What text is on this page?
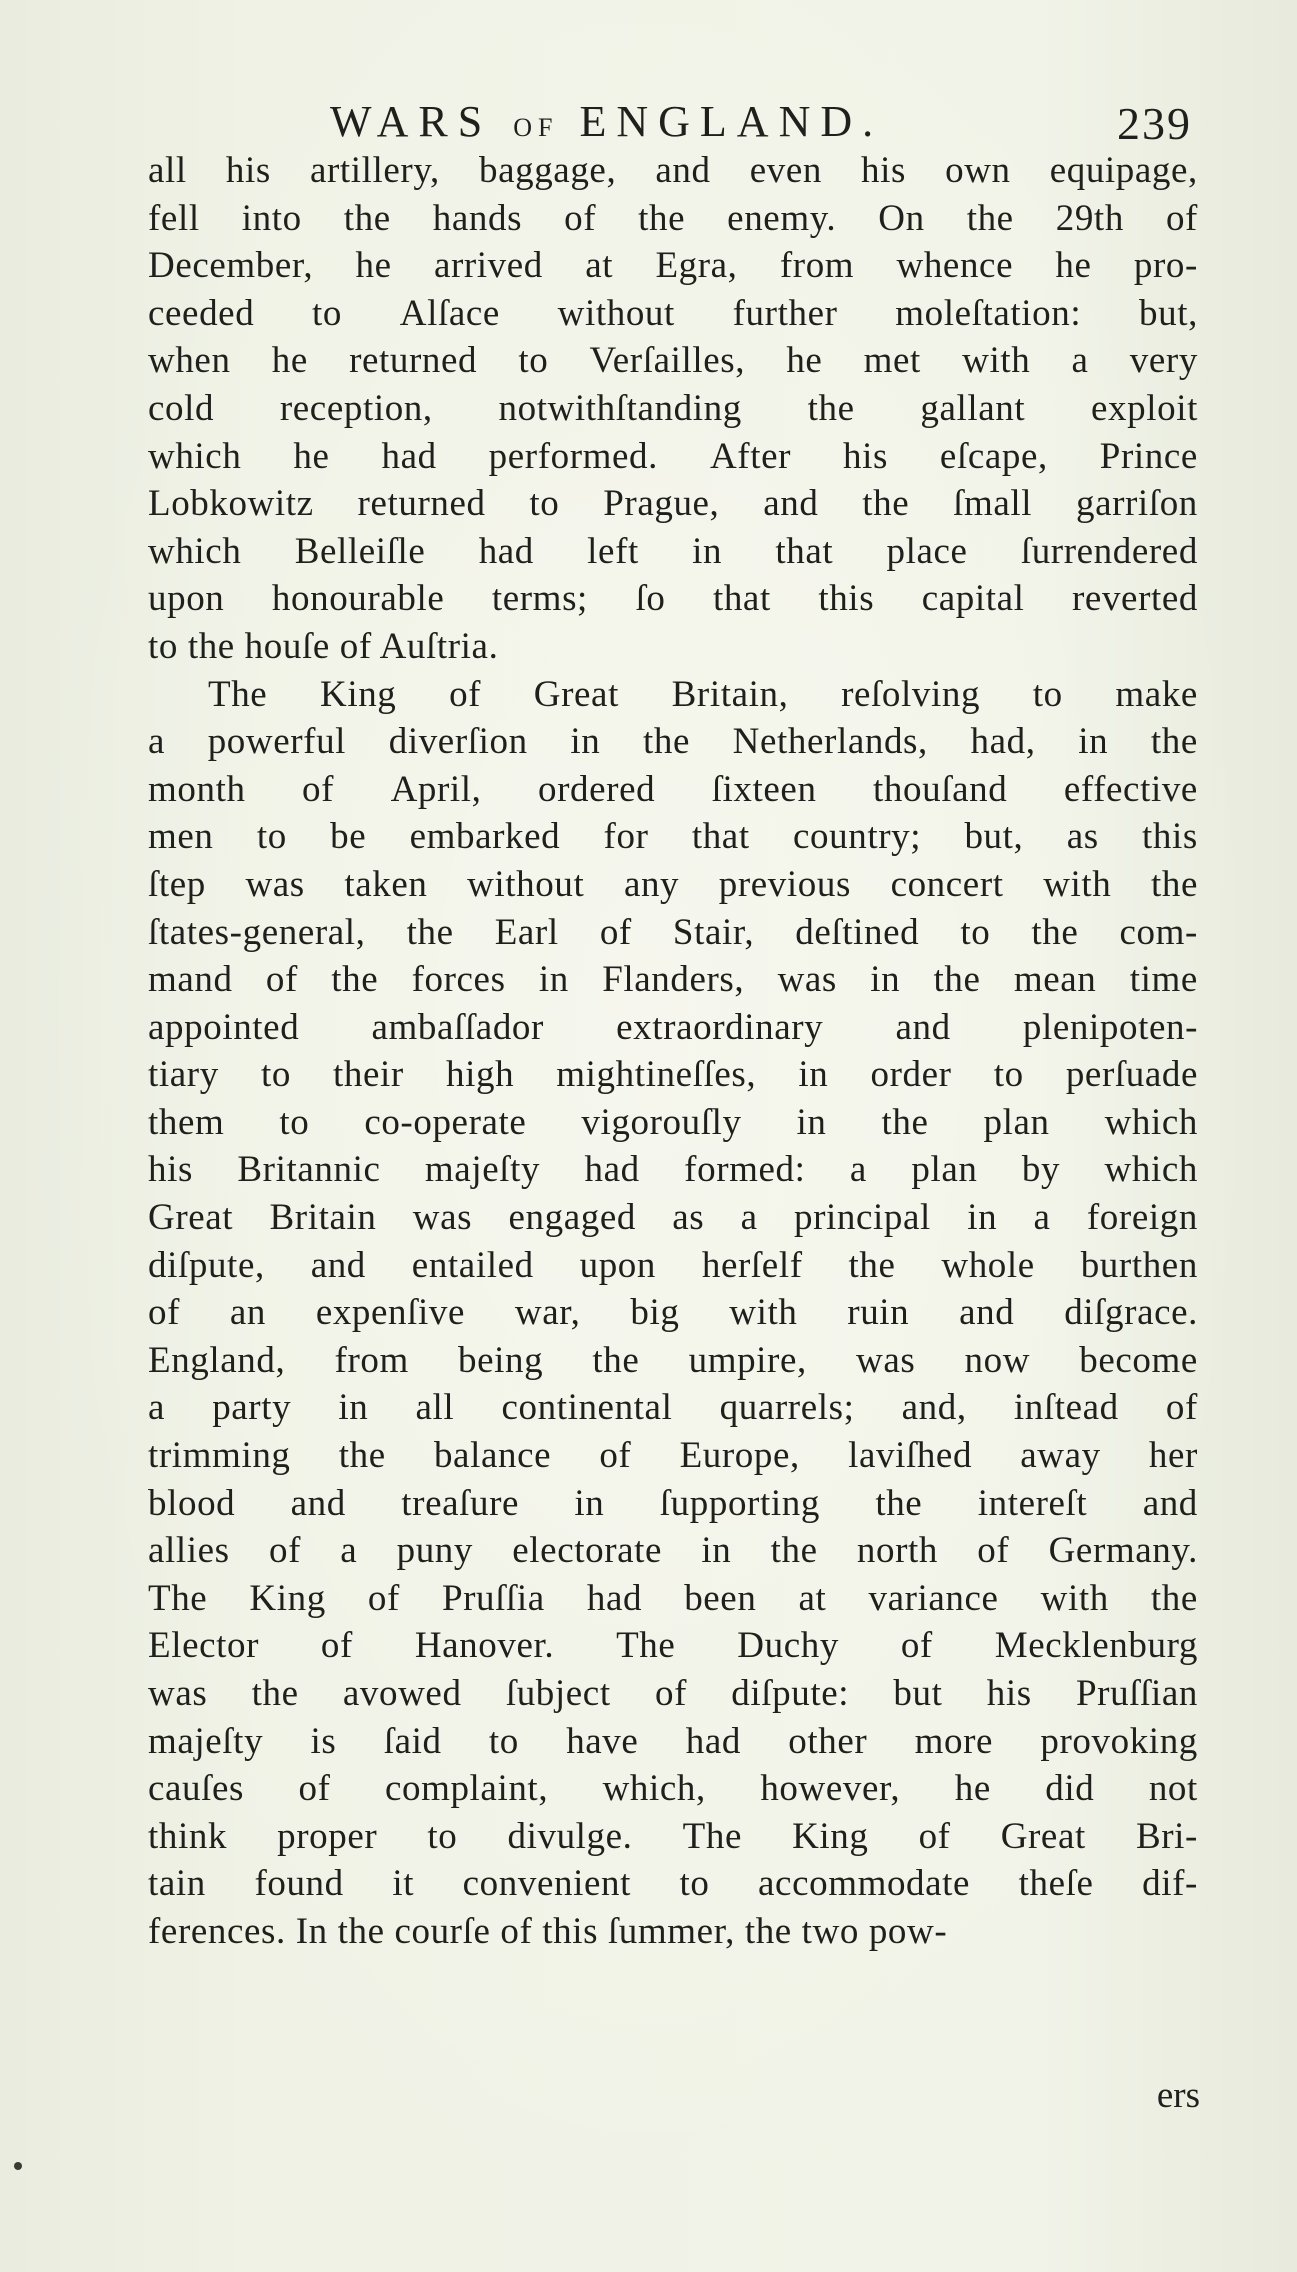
WARS OF ENGLAND.	239
all his artillery, baggage, and even his own equipage,
fell into the hands of the enemy. On the 29th of
December, he arrived at Egra, from whence he pro-
ceeded to Alſace without further moleſtation: but,
when he returned to Verſailles, he met with a very
cold reception, notwithſtanding the gallant exploit
which he had performed. After his eſcape, Prince
Lobkowitz returned to Prague, and the ſmall garriſon
which Belleiſle had left in that place ſurrendered
upon honourable terms; ſo that this capital reverted
to the houſe of Auſtria.
The King of Great Britain, reſolving to make
a powerful diverſion in the Netherlands, had, in the
month of April, ordered ſixteen thouſand effective
men to be embarked for that country; but, as this
ſtep was taken without any previous concert with the
ſtates-general, the Earl of Stair, deſtined to the com-
mand of the forces in Flanders, was in the mean time
appointed ambaſſador extraordinary and plenipoten-
tiary to their high mightineſſes, in order to perſuade
them to co-operate vigorouſly in the plan which
his Britannic majeſty had formed: a plan by which
Great Britain was engaged as a principal in a foreign
diſpute, and entailed upon herſelf the whole burthen
of an expenſive war, big with ruin and diſgrace.
England, from being the umpire, was now become
a party in all continental quarrels; and, inſtead of
trimming the balance of Europe, laviſhed away her
blood and treaſure in ſupporting the intereſt and
allies of a puny electorate in the north of Germany.
The King of Pruſſia had been at variance with the
Elector of Hanover. The Duchy of Mecklenburg
was the avowed ſubject of diſpute: but his Pruſſian
majeſty is ſaid to have had other more provoking
cauſes of complaint, which, however, he did not
think proper to divulge. The King of Great Bri-
tain found it convenient to accommodate theſe dif-
ferences. In the courſe of this ſummer, the two pow-
ers
